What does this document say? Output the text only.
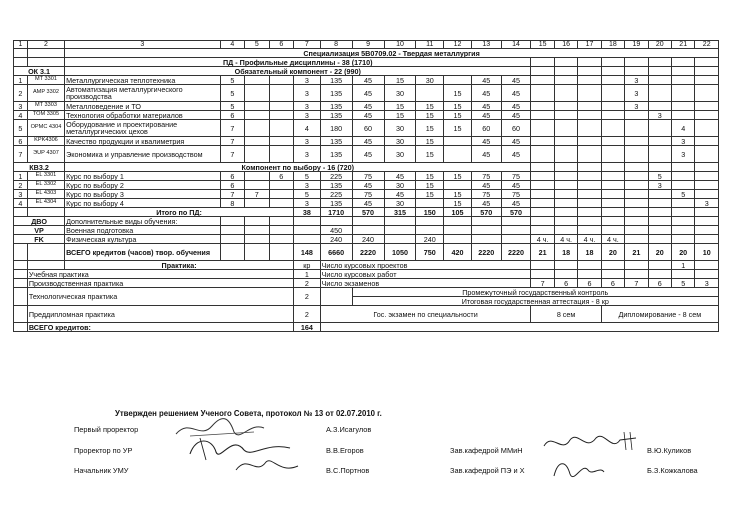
1	2	3	4	5	6	7	8	9	10	11	12	13	14	15	16	17	18	19	20	21	22
		Специализация 5В0709.02 - Твердая металлургия																			
		ПД - Профильные дисциплины - 38 (1710)																			
ОК 3.1		Обязательный компонент - 22 (990)																			
1	MT 3301	Металлургическая теплотехника	5			3	135	45	15	30		45	45					3			
2	AMP 3302	Автоматизация металлургического производства	5			3	135	45	30		15	45	45					3			
3	MT 3303	Металловедение и ТО	5			3	135	45	15	15	15	45	45					3			
4	TOM 3305	Технология обработки материалов	6			3	135	45	15	15	15	45	45						3		
5	OPMC 4304	Оборудование и проектирование металлургических цехов	7			4	180	60	30	15	15	60	60							4	
6	KPK4306	Качество продукции и квалиметрия	7			3	135	45	30	15		45	45							3	
7	ЭUP 4307	Экономика и управление производством	7			3	135	45	30	15		45	45							3	
КВ3.2		Компонент по выбору - 16 (720)																			
1	EL 3301	Курс по выбору 1	6		6	5	225	75	45	15	15	75	75						5		
2	EL 3302	Курс по выбору 2	6			3	135	45	30	15		45	45						3		
3	EL 4303	Курс по выбору 3	7	7		5	225	75	45	15	15	75	75							5	
4	EL 4304	Курс по выбору 4	8			3	135	45	30		15	45	45								3
		Итого по ПД:				38	1710	570	315	150	105	570	570								
ДВО		Дополнительные виды обучения:																			
VP		Военная подготовка					450														
FK		Физическая культура					240	240		240				4 ч.	4 ч.	4 ч.	4 ч.				
		ВСЕГО кредитов (часов) твор. обучения				148	6660	2220	1050	750	420	2220	2220	21	18	18	20	21	20	20	10
		Практика:				кр	Число курсовых проектов													1	
	Учебная практика					1	Число курсовых работ														
	Производственная практика					2	Число экзаменов							7	6	6	6	7	6	5	3
	Технологическая практика					2		Промежуточный государственный контроль													
								Итоговая государственная аттестация - 8 кр													
	Преддипломная практика					2	Гос. экзамен по специальности							8 сем			Дипломирование - 8 сем				
	ВСЕГО кредитов:					164															
Утвержден решением Ученого Совета, протокол № 13 от 02.07.2010 г.
Первый проректор	А.З.Исагулов
Проректор по УР	В.В.Егоров
Начальник УМУ	В.С.Портнов
Зав.кафедрой ММиН	В.Ю.Куликов
Зав.кафедрой ПЭ и Х	Б.З.Кожкалова
